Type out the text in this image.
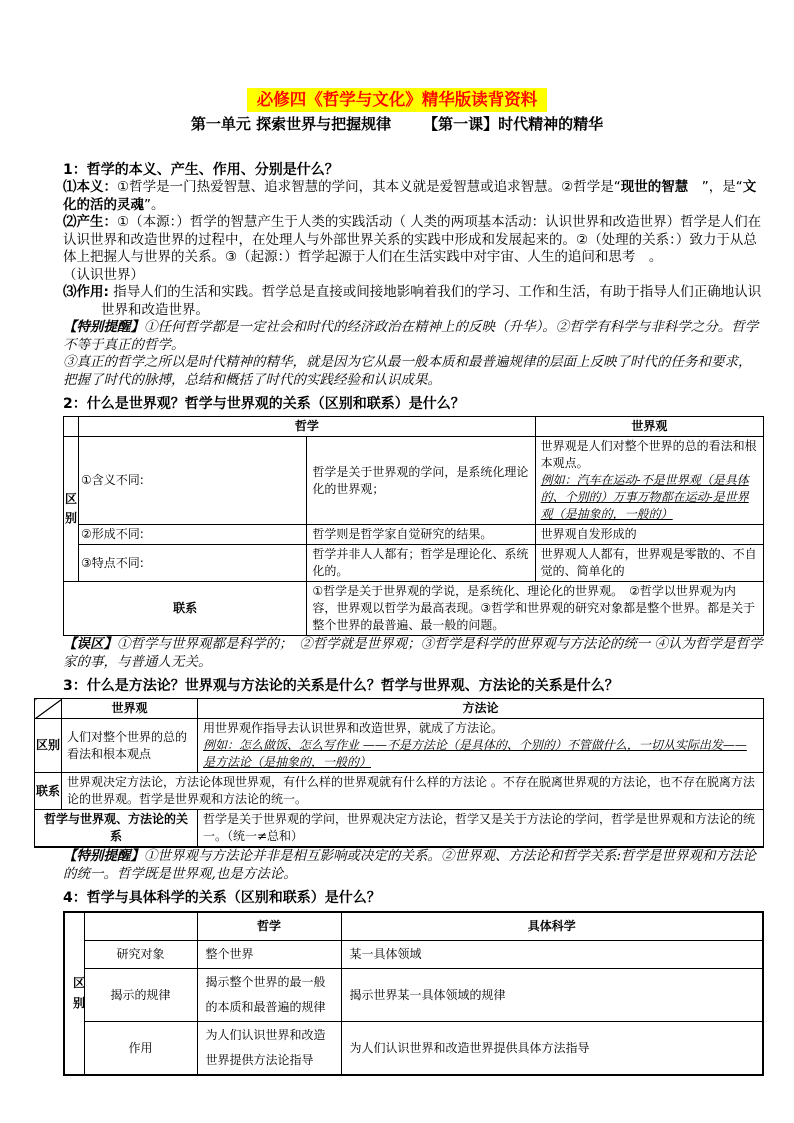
必修四《哲学与文化》精华版读背资料
第一单元 探索世界与把握规律 【第一课】时代精神的精华
1：哲学的本义、产生、作用、分别是什么？

⑴本义：①哲学是一门热爱智慧、追求智慧的学问，其本义就是爱智慧或追求智慧。②哲学是“现世的智慧　”，是“文化的活的灵魂”。

⑵产生：①（本源：）哲学的智慧产生于人类的实践活动（ 人类的两项基本活动：认识世界和改造世界）哲学是人们在认识世界和改造世界的过程中，在处理人与外部世界关系的实践中形成和发展起来的。②（处理的关系：）致力于从总体上把握人与世界的关系。③（起源：）哲学起源于人们在生活实践中对宇宙、人生的追问和思考　。

（认识世界）

⑶作用: 指导人们的生活和实践。哲学总是直接或间接地影响着我们的学习、工作和生活，有助于指导人们正确地认识世界和改造世界。

【特别提醒】①任何哲学都是一定社会和时代的经济政治在精神上的反映（升华）。②哲学有科学与非科学之分。哲学不等于真正的哲学。

③真正的哲学之所以是时代精神的精华，就是因为它从最一般本质和最普遍规律的层面上反映了时代的任务和要求，把握了时代的脉搏，总结和概括了时代的实践经验和认识成果。

2：什么是世界观？哲学与世界观的关系（区别和联系）是什么？
	哲学		世界观
区别	①含义不同:	哲学是关于世界观的学问，是系统化理论化的世界观；	世界观是人们对整个世界的总的看法和根本观点。
例如：汽车在运动-不是世界观（是具体的、个别的）万事万物都在运动-是世界观（是抽象的，一般的）

	②形成不同:	哲学则是哲学家自觉研究的结果。	世界观自发形成的
	③特点不同:	哲学并非人人都有；哲学是理论化、系统化的。	世界观人人都有，世界观是零散的、不自觉的、简单化的
联系		①哲学是关于世界观的学说，是系统化、理论化的世界观。　②哲学以世界观为内容，世界观以哲学为最高表现。③哲学和世界观的研究对象都是整个世界。都是关于整个世界的最普遍、最一般的问题。	

【误区】①哲学与世界观都是科学的；　②哲学就是世界观；③哲学是科学的世界观与方法论的统一 ④认为哲学是哲学家的事，与普通人无关。

3：什么是方法论？世界观与方法论的关系是什么？哲学与世界观、方法论的关系是什么？
	世界观	方法论
区别	人们对整个世界的总的看法和根本观点	用世界观作指导去认识世界和改造世界，就成了方法论。
例如：怎么做饭、怎么写作业 ——不是方法论（是具体的、个别的）不管做什么，一切从实际出发——是方法论（是抽象的，一般的）

联系	世界观决定方法论，方法论体现世界观，有什么样的世界观就有什么样的方法论 。不存在脱离世界观的方法论，也不存在脱离方法论的世界观。哲学是世界观和方法论的统一。	
哲学与世界观、方法论的关系		哲学是关于世界观的学问，世界观决定方法论，哲学又是关于方法论的学问，哲学是世界观和方法论的统一。（统一≠总和）

【特别提醒】①世界观与方法论并非是相互影响或决定的关系。②世界观、方法论和哲学关系:哲学是世界观和方法论的统一。哲学既是世界观,也是方法论。

4：哲学与具体科学的关系（区别和联系）是什么？
区别		哲学	具体科学
	研究对象	整个世界	某一具体领域
	揭示的规律	揭示整个世界的最一般的本质和最普遍的规律	揭示世界某一具体领域的规律
	作用	为人们认识世界和改造世界提供方法论指导	为人们认识世界和改造世界提供具体方法指导
